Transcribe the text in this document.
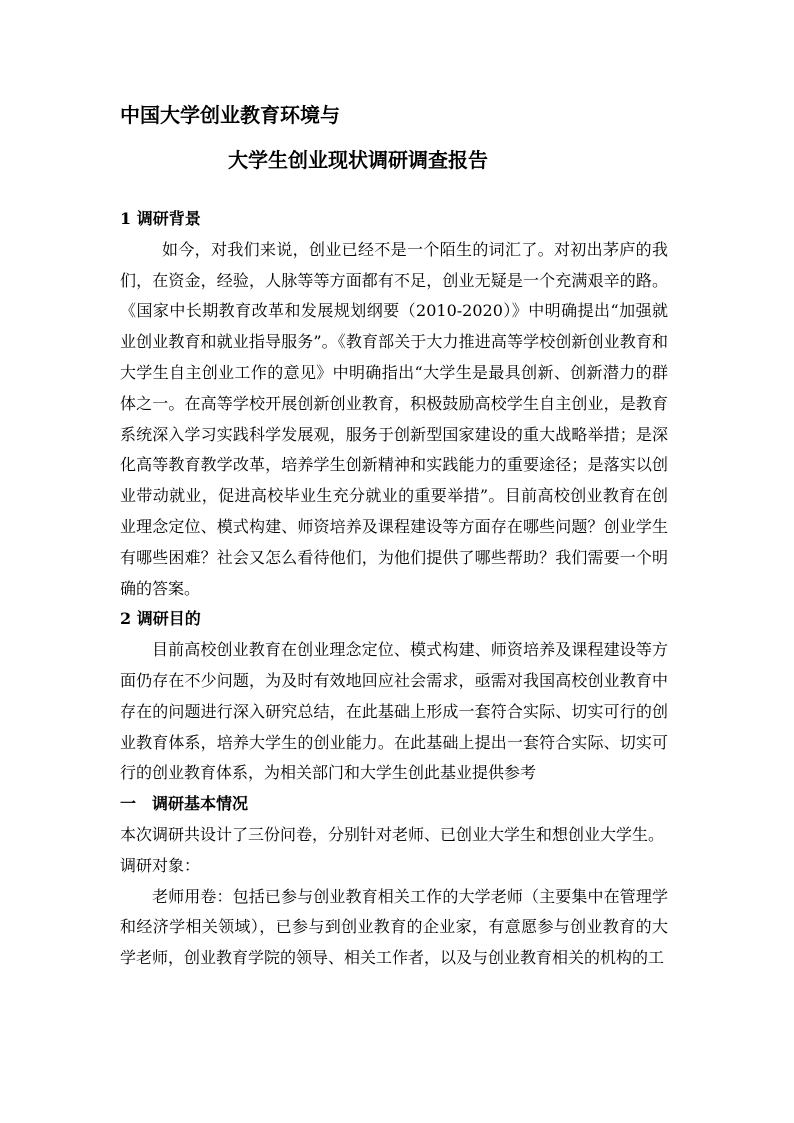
中国大学创业教育环境与
大学生创业现状调研调查报告

1 调研背景

如今，对我们来说，创业已经不是一个陌生的词汇了。对初出茅庐的我们，在资金，经验，人脉等等方面都有不足，创业无疑是一个充满艰辛的路。《国家中长期教育改革和发展规划纲要（2010-2020）》中明确提出“加强就业创业教育和就业指导服务”。《教育部关于大力推进高等学校创新创业教育和大学生自主创业工作的意见》中明确指出“大学生是最具创新、创新潜力的群体之一。在高等学校开展创新创业教育，积极鼓励高校学生自主创业，是教育系统深入学习实践科学发展观，服务于创新型国家建设的重大战略举措；是深化高等教育教学改革，培养学生创新精神和实践能力的重要途径；是落实以创业带动就业，促进高校毕业生充分就业的重要举措”。目前高校创业教育在创业理念定位、模式构建、师资培养及课程建设等方面存在哪些问题？创业学生有哪些困难？社会又怎么看待他们，为他们提供了哪些帮助？我们需要一个明确的答案。

2 调研目的

目前高校创业教育在创业理念定位、模式构建、师资培养及课程建设等方面仍存在不少问题，为及时有效地回应社会需求，亟需对我国高校创业教育中存在的问题进行深入研究总结，在此基础上形成一套符合实际、切实可行的创业教育体系，培养大学生的创业能力。在此基础上提出一套符合实际、切实可行的创业教育体系，为相关部门和大学生创此基业提供参考

一　调研基本情况

本次调研共设计了三份问卷，分别针对老师、已创业大学生和想创业大学生。

调研对象：

老师用卷：包括已参与创业教育相关工作的大学老师（主要集中在管理学和经济学相关领域），已参与到创业教育的企业家，有意愿参与创业教育的大学老师，创业教育学院的领导、相关工作者，以及与创业教育相关的机构的工
